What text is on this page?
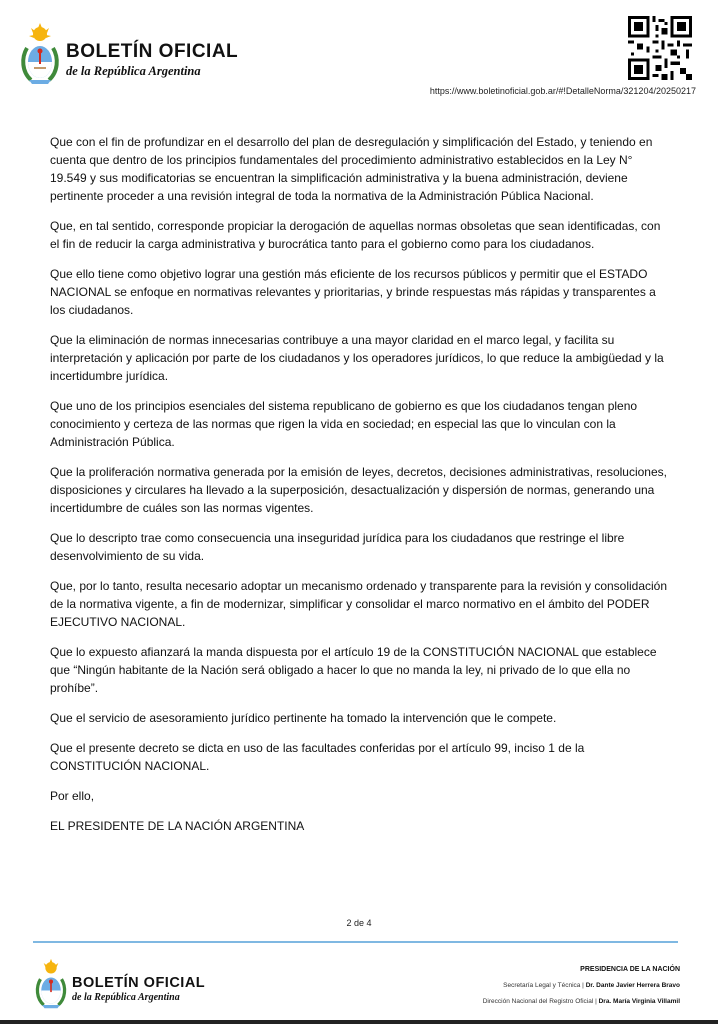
BOLETÍN OFICIAL
de la República Argentina
https://www.boletinoficial.gob.ar/#!DetalleNorma/321204/20250217

Que con el fin de profundizar en el desarrollo del plan de desregulación y simplificación del Estado, y teniendo en cuenta que dentro de los principios fundamentales del procedimiento administrativo establecidos en la Ley N° 19.549 y sus modificatorias se encuentran la simplificación administrativa y la buena administración, deviene pertinente proceder a una revisión integral de toda la normativa de la Administración Pública Nacional.

Que, en tal sentido, corresponde propiciar la derogación de aquellas normas obsoletas que sean identificadas, con el fin de reducir la carga administrativa y burocrática tanto para el gobierno como para los ciudadanos.

Que ello tiene como objetivo lograr una gestión más eficiente de los recursos públicos y permitir que el ESTADO NACIONAL se enfoque en normativas relevantes y prioritarias, y brinde respuestas más rápidas y transparentes a los ciudadanos.

Que la eliminación de normas innecesarias contribuye a una mayor claridad en el marco legal, y facilita su interpretación y aplicación por parte de los ciudadanos y los operadores jurídicos, lo que reduce la ambigüedad y la incertidumbre jurídica.

Que uno de los principios esenciales del sistema republicano de gobierno es que los ciudadanos tengan pleno conocimiento y certeza de las normas que rigen la vida en sociedad; en especial las que lo vinculan con la Administración Pública.

Que la proliferación normativa generada por la emisión de leyes, decretos, decisiones administrativas, resoluciones, disposiciones y circulares ha llevado a la superposición, desactualización y dispersión de normas, generando una incertidumbre de cuáles son las normas vigentes.

Que lo descripto trae como consecuencia una inseguridad jurídica para los ciudadanos que restringe el libre desenvolvimiento de su vida.

Que, por lo tanto, resulta necesario adoptar un mecanismo ordenado y transparente para la revisión y consolidación de la normativa vigente, a fin de modernizar, simplificar y consolidar el marco normativo en el ámbito del PODER EJECUTIVO NACIONAL.

Que lo expuesto afianzará la manda dispuesta por el artículo 19 de la CONSTITUCIÓN NACIONAL que establece que “Ningún habitante de la Nación será obligado a hacer lo que no manda la ley, ni privado de lo que ella no prohíbe”.

Que el servicio de asesoramiento jurídico pertinente ha tomado la intervención que le compete.

Que el presente decreto se dicta en uso de las facultades conferidas por el artículo 99, inciso 1 de la CONSTITUCIÓN NACIONAL.

Por ello,

EL PRESIDENTE DE LA NACIÓN ARGENTINA

2 de 4
BOLETÍN OFICIAL
de la República Argentina
PRESIDENCIA DE LA NACIÓN
Secretaría Legal y Técnica | Dr. Dante Javier Herrera Bravo
Dirección Nacional del Registro Oficial | Dra. María Virginia Villamil
